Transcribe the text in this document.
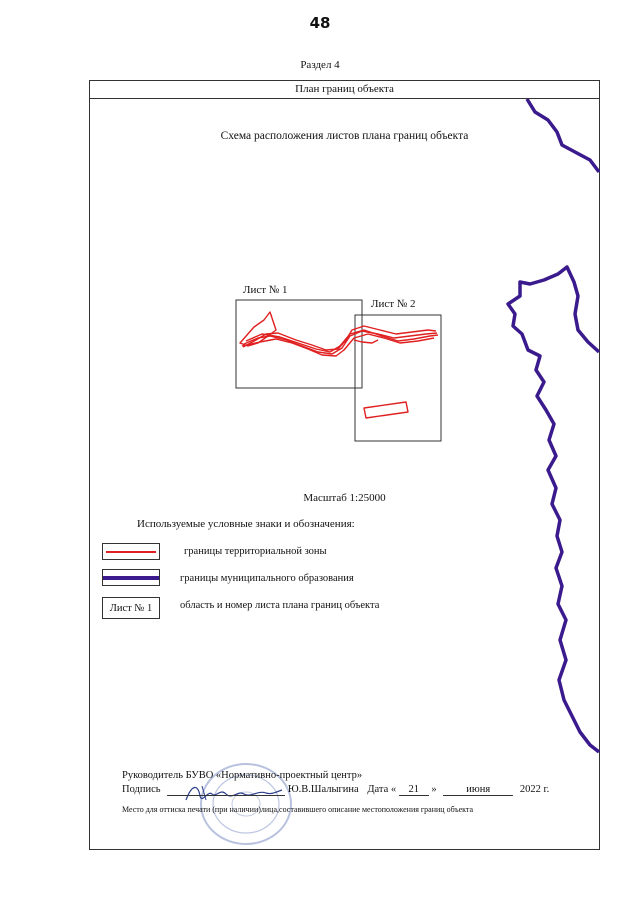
48
Раздел 4
План границ объекта
Схема расположения листов плана границ объекта
Лист № 1
Лист № 2
Масштаб 1:25000
Используемые условные знаки и обозначения:
границы территориальной зоны
границы муниципального образования
Лист № 1	область и номер листа плана границ объекта
Руководитель БУВО «Нормативно-проектный центр»
Подпись	Ю.В.Шалыгина Дата « 21 »	июня	2022 г.
Место для оттиска печати (при наличии)лица,составившего описание местоположения границ объекта
